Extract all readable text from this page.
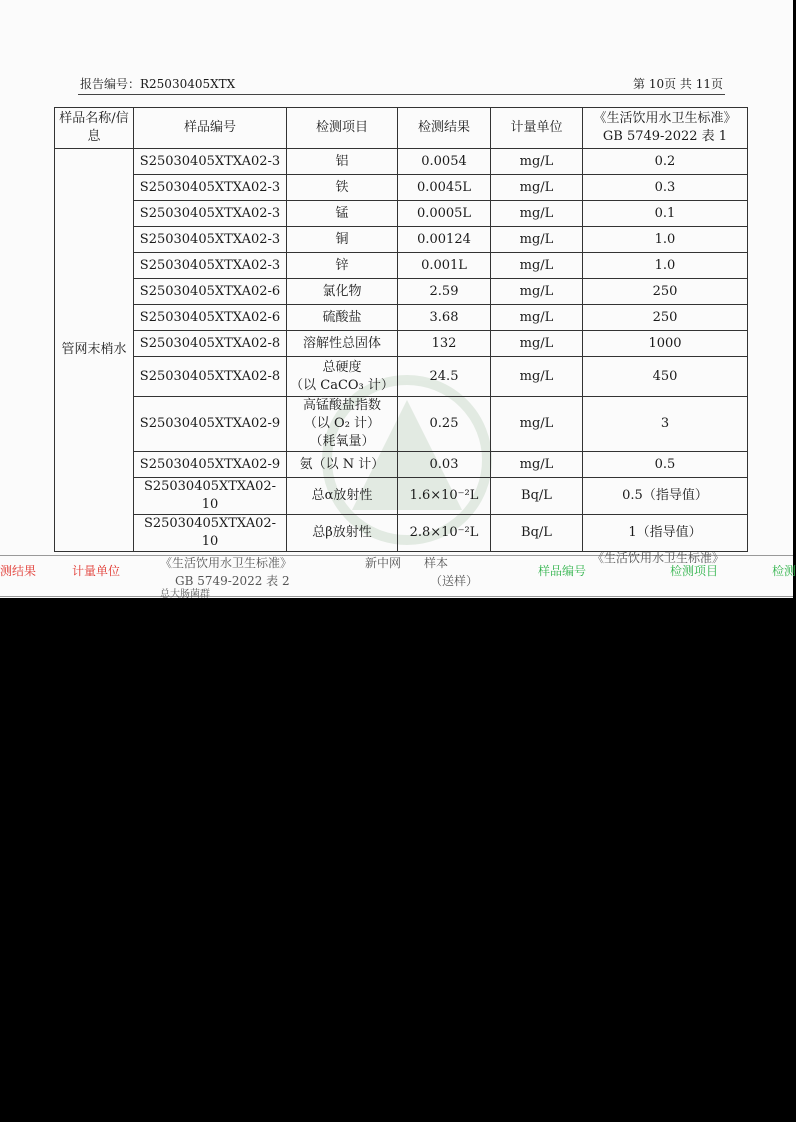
报告编号：R25030405XTX	第 10页 共 11页
样品名称/信息	样品编号	检测项目	检测结果	计量单位	《生活饮用水卫生标准》GB 5749-2022 表 1
管网末梢水	S25030405XTXA02-3	铝	0.0054	mg/L	0.2
	S25030405XTXA02-3	铁	0.0045L	mg/L	0.3
	S25030405XTXA02-3	锰	0.0005L	mg/L	0.1
	S25030405XTXA02-3	铜	0.00124	mg/L	1.0
	S25030405XTXA02-3	锌	0.001L	mg/L	1.0
	S25030405XTXA02-6	氯化物	2.59	mg/L	250
	S25030405XTXA02-6	硫酸盐	3.68	mg/L	250
	S25030405XTXA02-8	溶解性总固体	132	mg/L	1000
	S25030405XTXA02-8	总硬度
（以 CaCO₃ 计）	24.5	mg/L	450
	S25030405XTXA02-9	高锰酸盐指数
（以 O₂ 计）
（耗氧量）	0.25	mg/L	3
	S25030405XTXA02-9	氨（以 N 计）	0.03	mg/L	0.5
	S25030405XTXA02-10	总α放射性	1.6×10⁻²L	Bq/L	0.5（指导值）
	S25030405XTXA02-10	总β放射性	2.8×10⁻²L	Bq/L	1（指导值）
测结果	计量单位
《生活饮用水卫生标准》
GB 5749-2022 表 2
总大肠菌群
新中网 样本
（送样）
样品编号	检测项目
《生活饮用水卫生标准》
检测
